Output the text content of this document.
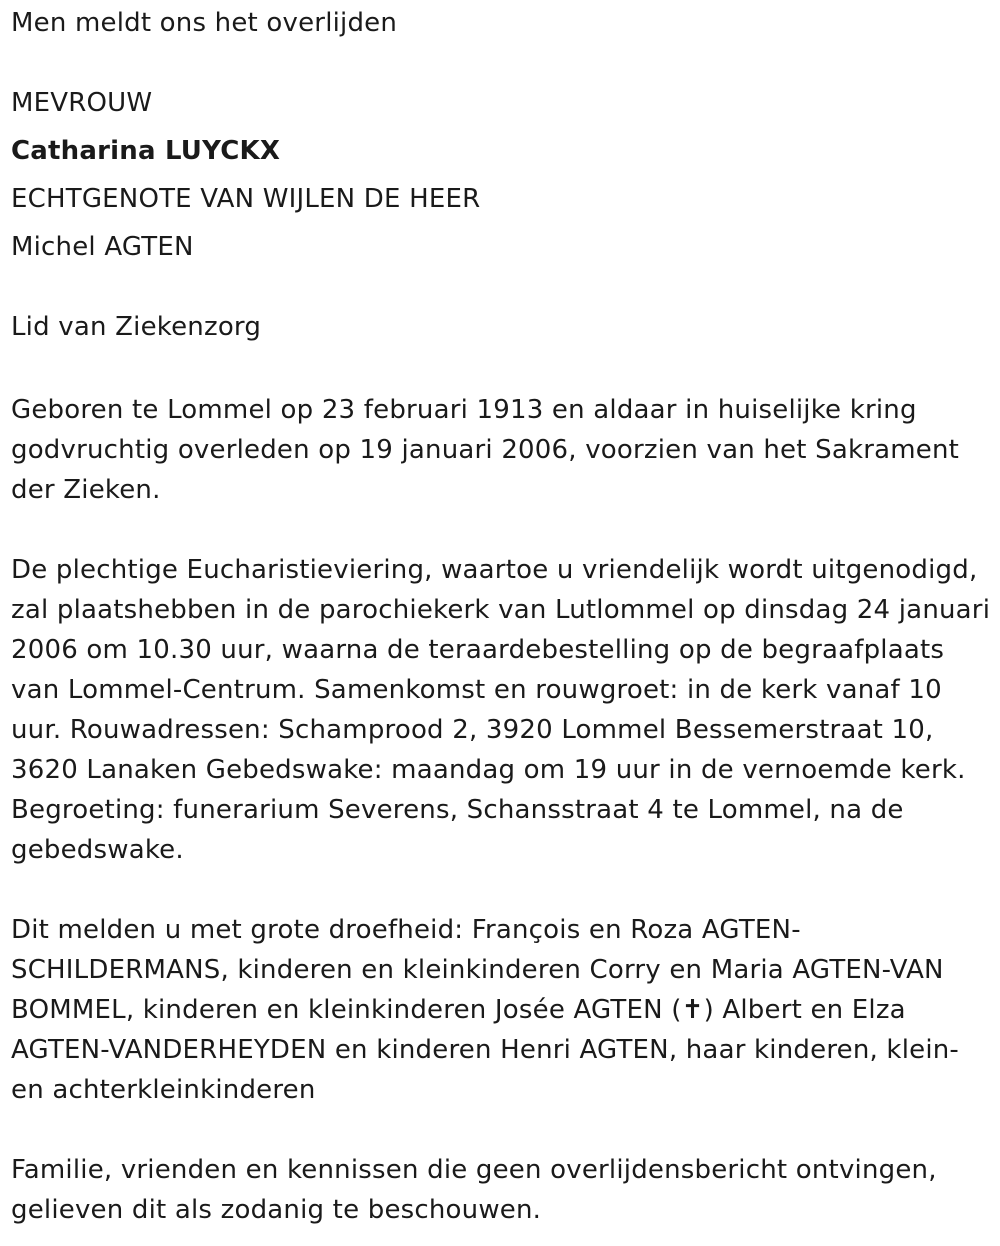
Men meldt ons het overlijden
MEVROUW
Catharina LUYCKX
ECHTGENOTE VAN WIJLEN DE HEER
Michel AGTEN
Lid van Ziekenzorg
Geboren te Lommel op 23 februari 1913 en aldaar in huiselijke kring godvruchtig overleden op 19 januari 2006, voorzien van het Sakrament der Zieken.
De plechtige Eucharistieviering, waartoe u vriendelijk wordt uitgenodigd, zal plaatshebben in de parochiekerk van Lutlommel op dinsdag 24 januari 2006 om 10.30 uur, waarna de teraardebestelling op de begraafplaats van Lommel-Centrum. Samenkomst en rouwgroet: in de kerk vanaf 10 uur. Rouwadressen: Schamprood 2, 3920 Lommel Bessemerstraat 10, 3620 Lanaken Gebedswake: maandag om 19 uur in de vernoemde kerk. Begroeting: funerarium Severens, Schansstraat 4 te Lommel, na de gebedswake.
Dit melden u met grote droefheid: François en Roza AGTEN-SCHILDERMANS, kinderen en kleinkinderen Corry en Maria AGTEN-VAN BOMMEL, kinderen en kleinkinderen Josée AGTEN (✝) Albert en Elza AGTEN-VANDERHEYDEN en kinderen Henri AGTEN, haar kinderen, klein- en achterkleinkinderen
Familie, vrienden en kennissen die geen overlijdensbericht ontvingen, gelieven dit als zodanig te beschouwen.
